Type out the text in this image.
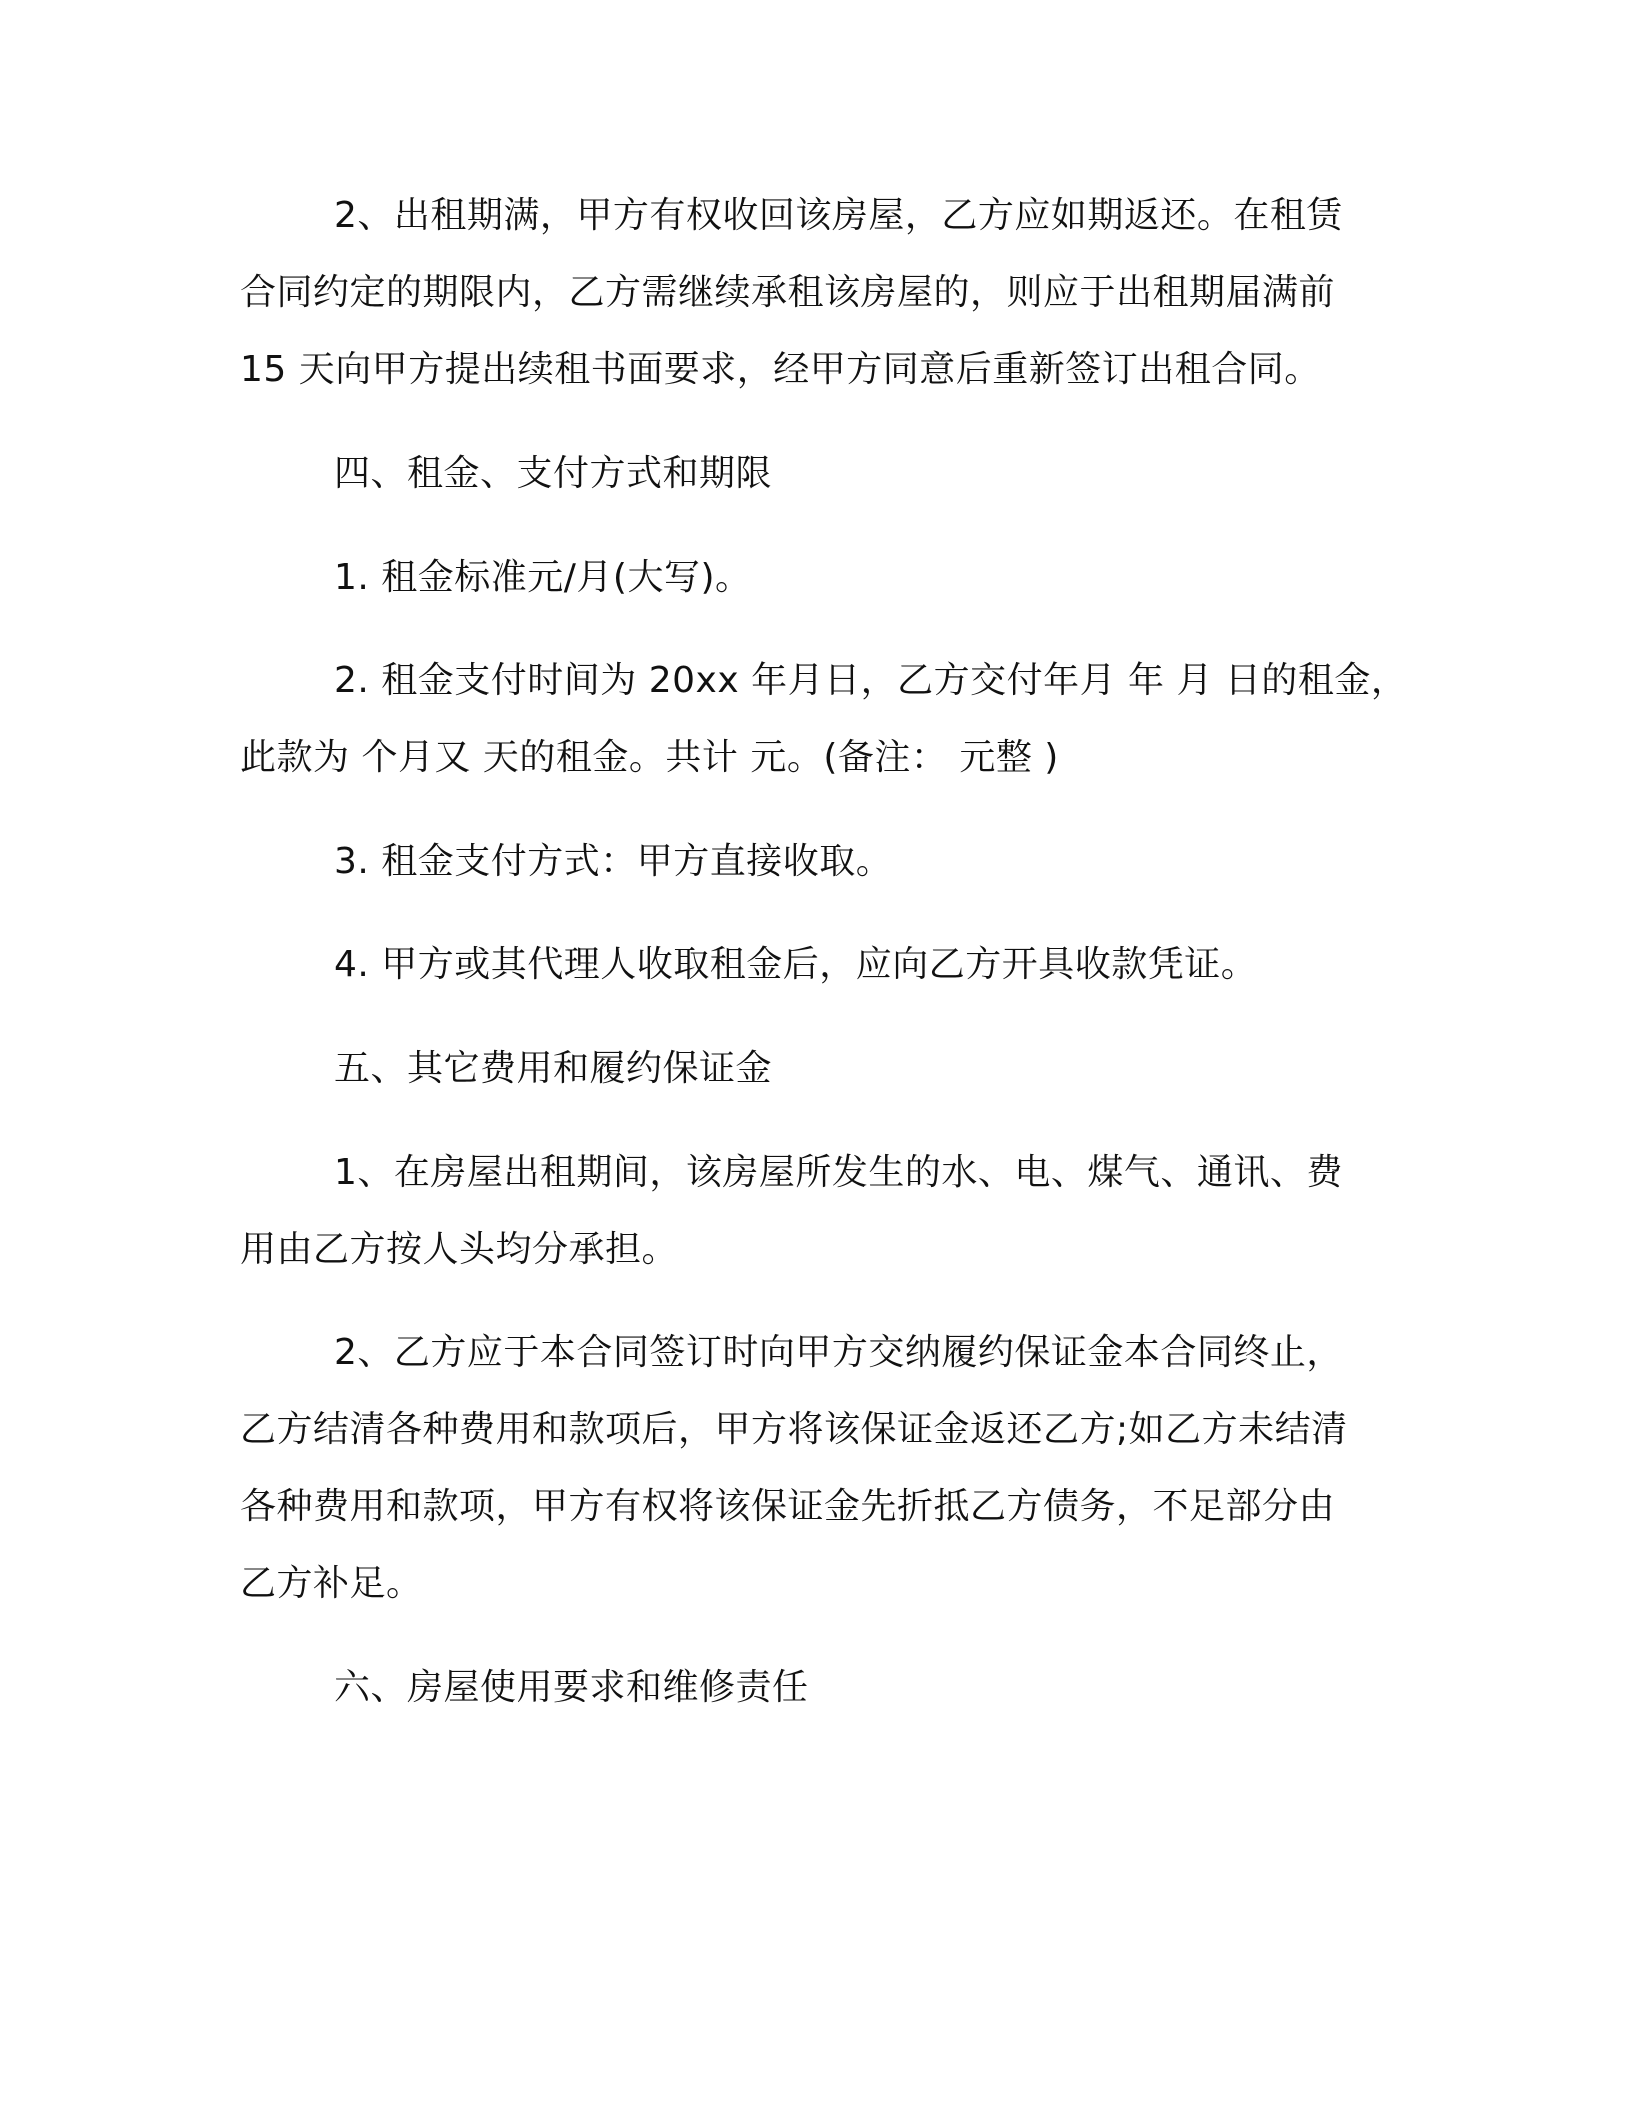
2、出租期满，甲方有权收回该房屋，乙方应如期返还。在租赁
合同约定的期限内，乙方需继续承租该房屋的，则应于出租期届满前
15 天向甲方提出续租书面要求，经甲方同意后重新签订出租合同。
四、租金、支付方式和期限
1. 租金标准元/月(大写)。
2. 租金支付时间为 20xx 年月日，乙方交付年月 年 月 日的租金，
此款为 个月又 天的租金。共计 元。(备注： 元整 )
3. 租金支付方式：甲方直接收取。
4. 甲方或其代理人收取租金后，应向乙方开具收款凭证。
五、其它费用和履约保证金
1、在房屋出租期间，该房屋所发生的水、电、煤气、通讯、费
用由乙方按人头均分承担。
2、乙方应于本合同签订时向甲方交纳履约保证金本合同终止，
乙方结清各种费用和款项后，甲方将该保证金返还乙方;如乙方未结清
各种费用和款项，甲方有权将该保证金先折抵乙方债务，不足部分由
乙方补足。
六、房屋使用要求和维修责任
